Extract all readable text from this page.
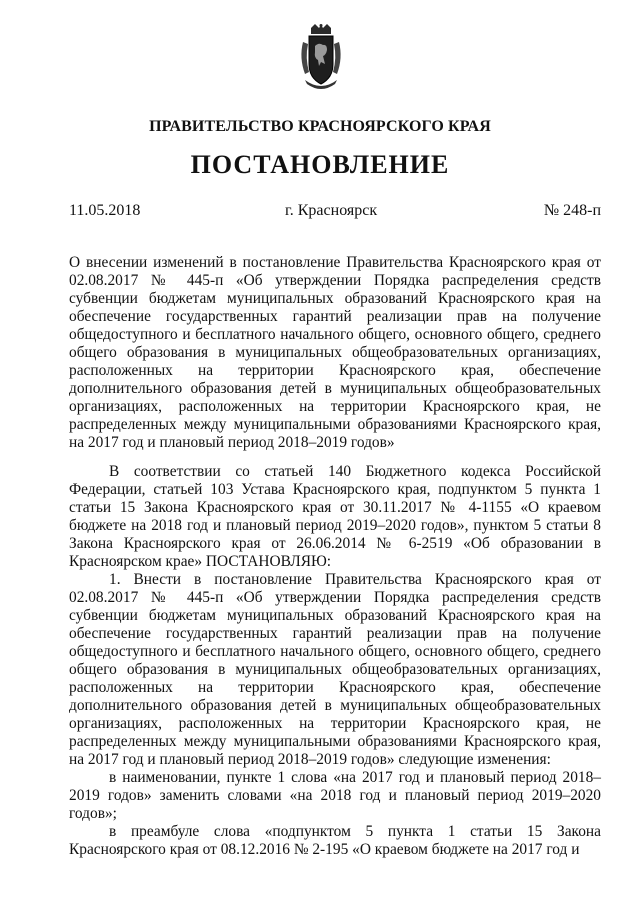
ПРАВИТЕЛЬСТВО КРАСНОЯРСКОГО КРАЯ
ПОСТАНОВЛЕНИЕ
11.05.2018	г. Красноярск	№ 248-п
О внесении изменений в постановление Правительства Красноярского края от 02.08.2017 № 445-п «Об утверждении Порядка распределения средств субвенции бюджетам муниципальных образований Красноярского края на обеспечение государственных гарантий реализации прав на получение общедоступного и бесплатного начального общего, основного общего, среднего общего образования в муниципальных общеобразовательных организациях, расположенных на территории Красноярского края, обеспечение дополнительного образования детей в муниципальных общеобразовательных организациях, расположенных на территории Красноярского края, не распределенных между муниципальными образованиями Красноярского края, на 2017 год и плановый период 2018–2019 годов»

В соответствии со статьей 140 Бюджетного кодекса Российской Федерации, статьей 103 Устава Красноярского края, подпунктом 5 пункта 1 статьи 15 Закона Красноярского края от 30.11.2017 № 4-1155 «О краевом бюджете на 2018 год и плановый период 2019–2020 годов», пунктом 5 статьи 8 Закона Красноярского края от 26.06.2014 № 6-2519 «Об образовании в Красноярском крае» ПОСТАНОВЛЯЮ:

1. Внести в постановление Правительства Красноярского края от 02.08.2017 № 445-п «Об утверждении Порядка распределения средств субвенции бюджетам муниципальных образований Красноярского края на обеспечение государственных гарантий реализации прав на получение общедоступного и бесплатного начального общего, основного общего, среднего общего образования в муниципальных общеобразовательных организациях, расположенных на территории Красноярского края, обеспечение дополнительного образования детей в муниципальных общеобразовательных организациях, расположенных на территории Красноярского края, не распределенных между муниципальными образованиями Красноярского края, на 2017 год и плановый период 2018–2019 годов» следующие изменения:

в наименовании, пункте 1 слова «на 2017 год и плановый период 2018–2019 годов» заменить словами «на 2018 год и плановый период 2019–2020 годов»;

в преамбуле слова «подпунктом 5 пункта 1 статьи 15 Закона Красноярского края от 08.12.2016 № 2-195 «О краевом бюджете на 2017 год и
